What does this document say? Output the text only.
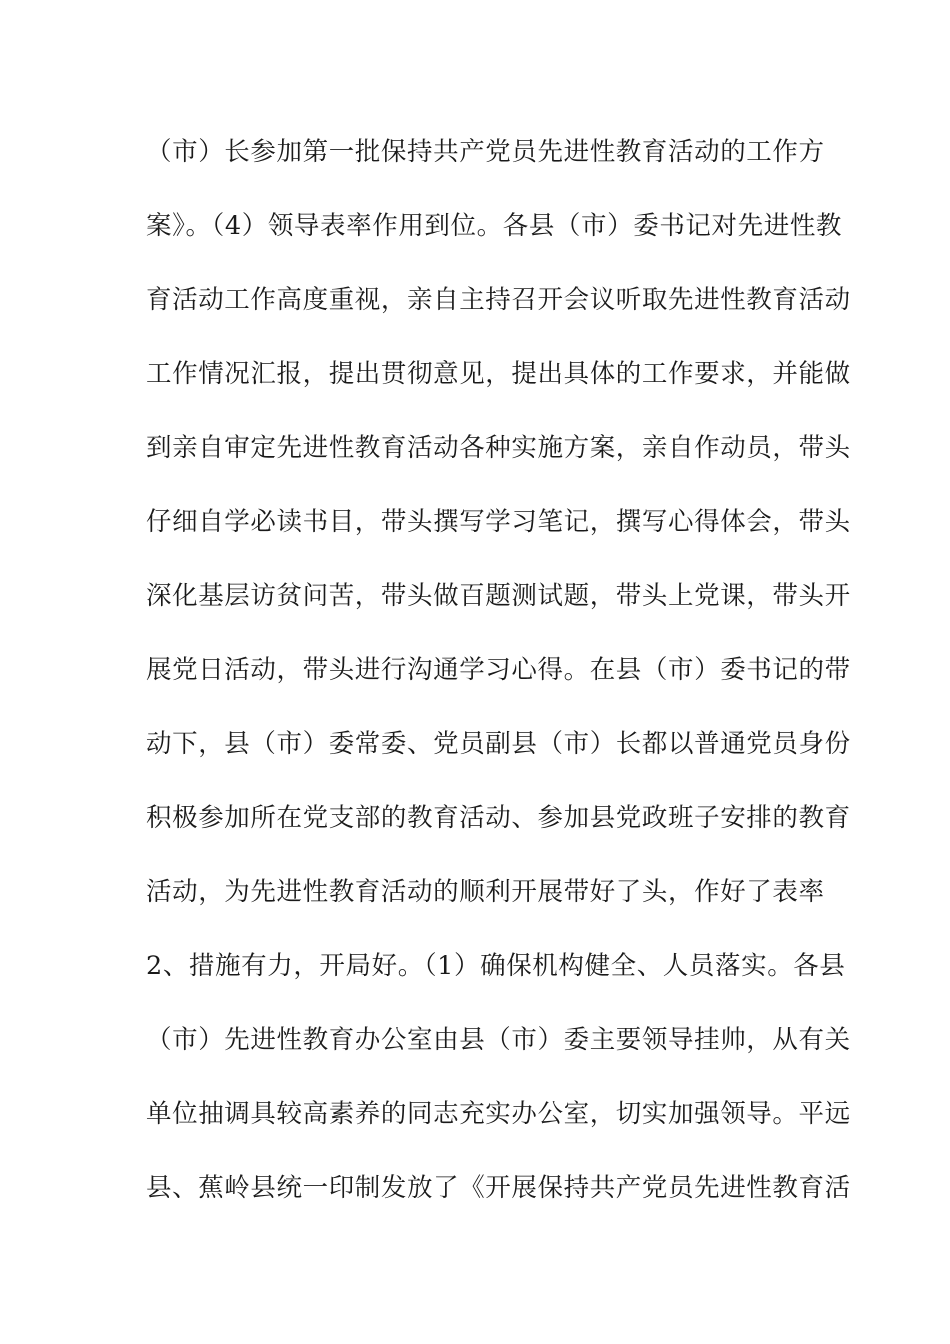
（市）长参加第一批保持共产党员先进性教育活动的工作方
案》。（4）领导表率作用到位。各县（市）委书记对先进性教
育活动工作高度重视，亲自主持召开会议听取先进性教育活动
工作情况汇报，提出贯彻意见，提出具体的工作要求，并能做
到亲自审定先进性教育活动各种实施方案，亲自作动员，带头
仔细自学必读书目，带头撰写学习笔记，撰写心得体会，带头
深化基层访贫问苦，带头做百题测试题，带头上党课，带头开
展党日活动，带头进行沟通学习心得。在县（市）委书记的带
动下，县（市）委常委、党员副县（市）长都以普通党员身份
积极参加所在党支部的教育活动、参加县党政班子安排的教育
活动，为先进性教育活动的顺利开展带好了头，作好了表率
2、措施有力，开局好。（1）确保机构健全、人员落实。各县
（市）先进性教育办公室由县（市）委主要领导挂帅，从有关
单位抽调具较高素养的同志充实办公室，切实加强领导。平远
县、蕉岭县统一印制发放了《开展保持共产党员先进性教育活
